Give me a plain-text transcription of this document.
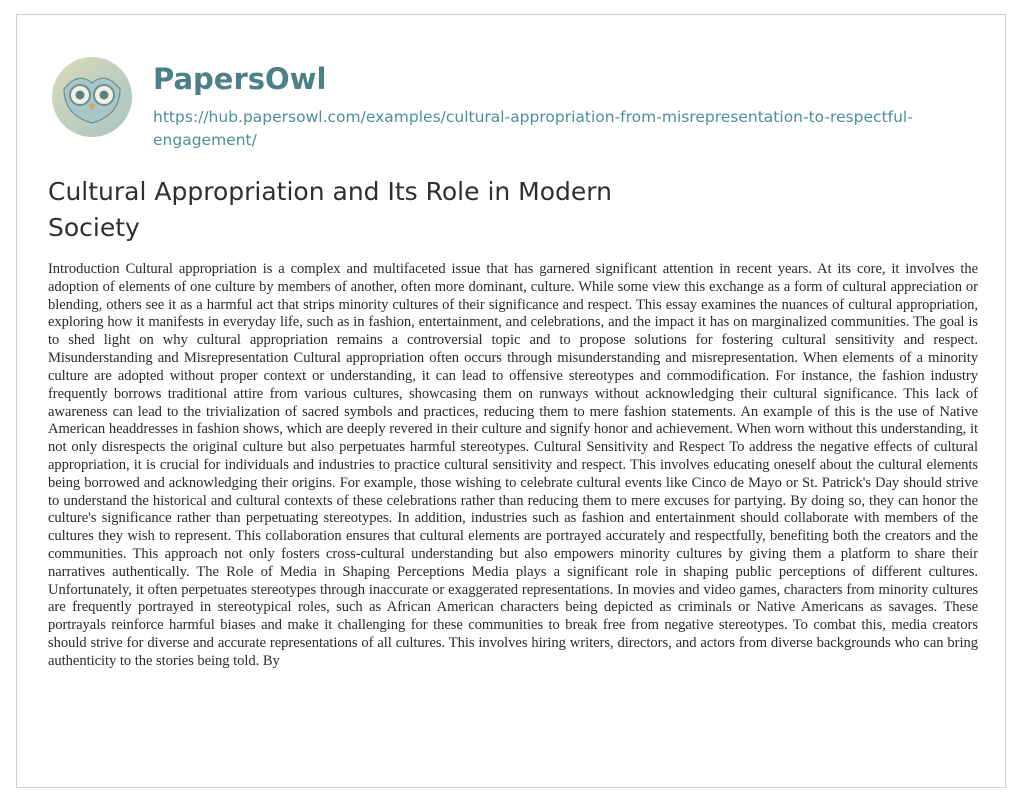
PapersOwl
https://hub.papersowl.com/examples/cultural-appropriation-from-misrepresentation-to-respectful-engagement/
Cultural Appropriation and Its Role in Modern Society

Introduction Cultural appropriation is a complex and multifaceted issue that has garnered significant attention in recent years. At its core, it involves the adoption of elements of one culture by members of another, often more dominant, culture. While some view this exchange as a form of cultural appreciation or blending, others see it as a harmful act that strips minority cultures of their significance and respect. This essay examines the nuances of cultural appropriation, exploring how it manifests in everyday life, such as in fashion, entertainment, and celebrations, and the impact it has on marginalized communities. The goal is to shed light on why cultural appropriation remains a controversial topic and to propose solutions for fostering cultural sensitivity and respect. Misunderstanding and Misrepresentation Cultural appropriation often occurs through misunderstanding and misrepresentation. When elements of a minority culture are adopted without proper context or understanding, it can lead to offensive stereotypes and commodification. For instance, the fashion industry frequently borrows traditional attire from various cultures, showcasing them on runways without acknowledging their cultural significance. This lack of awareness can lead to the trivialization of sacred symbols and practices, reducing them to mere fashion statements. An example of this is the use of Native American headdresses in fashion shows, which are deeply revered in their culture and signify honor and achievement. When worn without this understanding, it not only disrespects the original culture but also perpetuates harmful stereotypes. Cultural Sensitivity and Respect To address the negative effects of cultural appropriation, it is crucial for individuals and industries to practice cultural sensitivity and respect. This involves educating oneself about the cultural elements being borrowed and acknowledging their origins. For example, those wishing to celebrate cultural events like Cinco de Mayo or St. Patrick's Day should strive to understand the historical and cultural contexts of these celebrations rather than reducing them to mere excuses for partying. By doing so, they can honor the culture's significance rather than perpetuating stereotypes. In addition, industries such as fashion and entertainment should collaborate with members of the cultures they wish to represent. This collaboration ensures that cultural elements are portrayed accurately and respectfully, benefiting both the creators and the communities. This approach not only fosters cross-cultural understanding but also empowers minority cultures by giving them a platform to share their narratives authentically. The Role of Media in Shaping Perceptions Media plays a significant role in shaping public perceptions of different cultures. Unfortunately, it often perpetuates stereotypes through inaccurate or exaggerated representations. In movies and video games, characters from minority cultures are frequently portrayed in stereotypical roles, such as African American characters being depicted as criminals or Native Americans as savages. These portrayals reinforce harmful biases and make it challenging for these communities to break free from negative stereotypes. To combat this, media creators should strive for diverse and accurate representations of all cultures. This involves hiring writers, directors, and actors from diverse backgrounds who can bring authenticity to the stories being told. By
